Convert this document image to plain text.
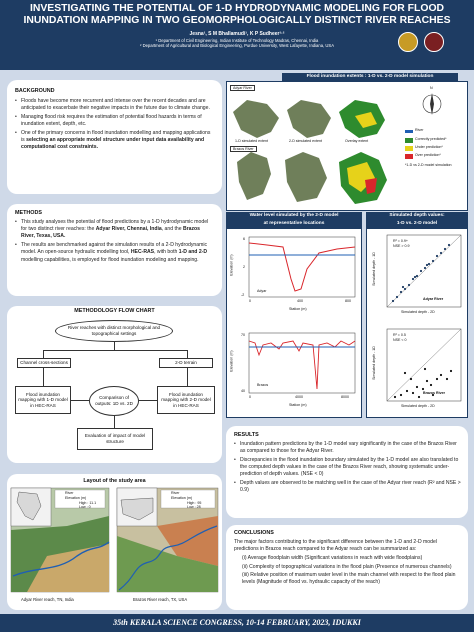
INVESTIGATING THE POTENTIAL OF 1-D HYDRODYNAMIC MODELING FOR FLOOD
INUNDATION MAPPING IN TWO GEOMORPHOLOGICALLY DISTINCT RIVER REACHES
Jesna¹, S M Bhallamudi¹, K P Sudheer¹·²
¹ Department of Civil Engineering, Indian Institute of Technology Madras, Chennai, India
² Department of Agricultural and Biological Engineering, Purdue University, West Lafayette, Indiana, USA
BACKGROUND

• Floods have become more recurrent and intense over the recent decades and are anticipated to exacerbate their negative impacts in the future due to climate change.

• Managing flood risk requires the estimation of potential flood hazards in terms of inundation extent, depth, etc.

• One of the primary concerns in flood inundation modelling and mapping applications is selecting an appropriate model structure under input data availability and computational cost constraints.

METHODS

• This study analyses the potential of flood predictions by a 1-D hydrodynamic model for two distinct river reaches: the Adyar River, Chennai, India, and the Brazos River, Texas, USA.

• The results are benchmarked against the simulation results of a 2-D hydrodynamic model. An open-source hydraulic modelling tool, HEC-RAS, with both 1-D and 2-D modelling capabilities, is employed for flood inundation modeling and mapping.

METHODOLOGY FLOW CHART
River reaches with distinct morphological and topographical settings
Channel cross-sections	2-D terrain
Flood inundation mapping with 1-D model in HEC-RAS
Flood inundation mapping with 2-D model in HEC-RAS
Comparison of outputs: 1D vs. 2D
Evaluation of impact of model structure
Layout of the study area
River
Elevation (m)
High : 11.1
Low : 0
River
Elevation (m)
High : 95
Low : 28
Adyar River reach, TN, India	Brazos River reach, TX, USA
Flood inundation extents : 1-D vs. 2-D model simulation
Adyar River
Brazos River
1-D simulated extent	2-D simulated extent	Overlay extent
N
River
Correctly predicted*
Under prediction*
Over prediction*
*1-D vs 2-D model simulation
Water level simulated by the 2-D model
at representative locations
Adyar
Brazos
Elevation (m)
Elevation (m)
Station (m)
Station (m)
6
2
-2
0	400	800
70
40
0	4000	8000
Simulated depth values:
1-D vs. 2-D model
R² = 0.9+
NSE > 0.9
Adyar River
Simulated depth - 2D
Simulated depth - 1D
R² = 0.5
NSE < 0
Brazos River
Simulated depth - 2D
Simulated depth - 1D
RESULTS

• Inundation pattern predictions by the 1-D model vary significantly in the case of the Brazos River as compared to those for the Adyar River.

• Discrepancies in the flood inundation boundary simulated by the 1-D model are also translated to the computed depth values in the case of the Brazos River reach, showing systematic under-prediction of depth values. (NSE < 0)

• Depth values are observed to be matching well in the case of the Adyar river reach (R² and NSE > 0.9)

CONCLUSIONS
The major factors contributing to the significant difference between the 1-D and 2-D model predictions in Brazos reach compared to the Adyar reach can be summarized as:
(i) Average floodplain width (Significant variations in reach with wide floodplains)
(ii) Complexity of topographical variations in the flood plain (Presence of numerous channels)
(iii) Relative position of maximum water level in the main channel with respect to the flood plain levels (Magnitude of flood vs. hydraulic capacity of the reach)
35th KERALA SCIENCE CONGRESS, 10-14 FEBRUARY, 2023, IDUKKI
